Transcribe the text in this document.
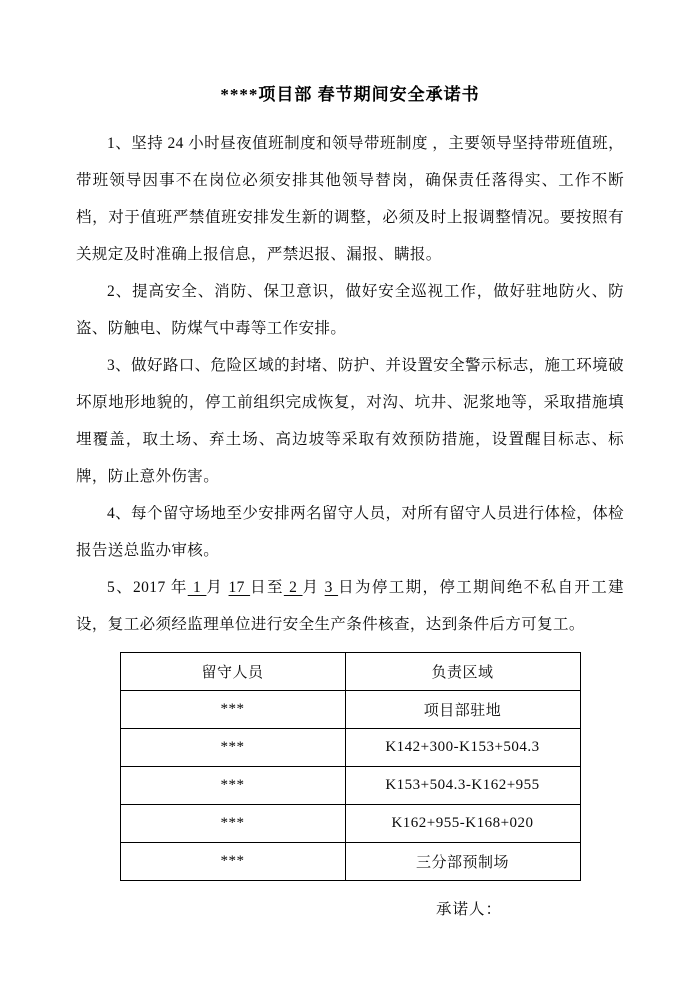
****项目部 春节期间安全承诺书

1、坚持 24 小时昼夜值班制度和领导带班制度 ，主要领导坚持带班值班，带班领导因事不在岗位必须安排其他领导替岗，确保责任落得实、工作不断档，对于值班严禁值班安排发生新的调整，必须及时上报调整情况。要按照有关规定及时准确上报信息，严禁迟报、漏报、瞒报。

2、提高安全、消防、保卫意识，做好安全巡视工作，做好驻地防火、防盗、防触电、防煤气中毒等工作安排。

3、做好路口、危险区域的封堵、防护、并设置安全警示标志，施工环境破坏原地形地貌的，停工前组织完成恢复，对沟、坑井、泥浆地等，采取措施填埋覆盖，取土场、弃土场、高边坡等采取有效预防措施，设置醒目标志、标牌，防止意外伤害。

4、每个留守场地至少安排两名留守人员，对所有留守人员进行体检，体检报告送总监办审核。

5、2017 年 1 月 17 日至 2 月 3 日为停工期，停工期间绝不私自开工建设，复工必须经监理单位进行安全生产条件核查，达到条件后方可复工。

留守人员	负责区域
***	项目部驻地
***	K142+300-K153+504.3
***	K153+504.3-K162+955
***	K162+955-K168+020
***	三分部预制场
承诺人：
